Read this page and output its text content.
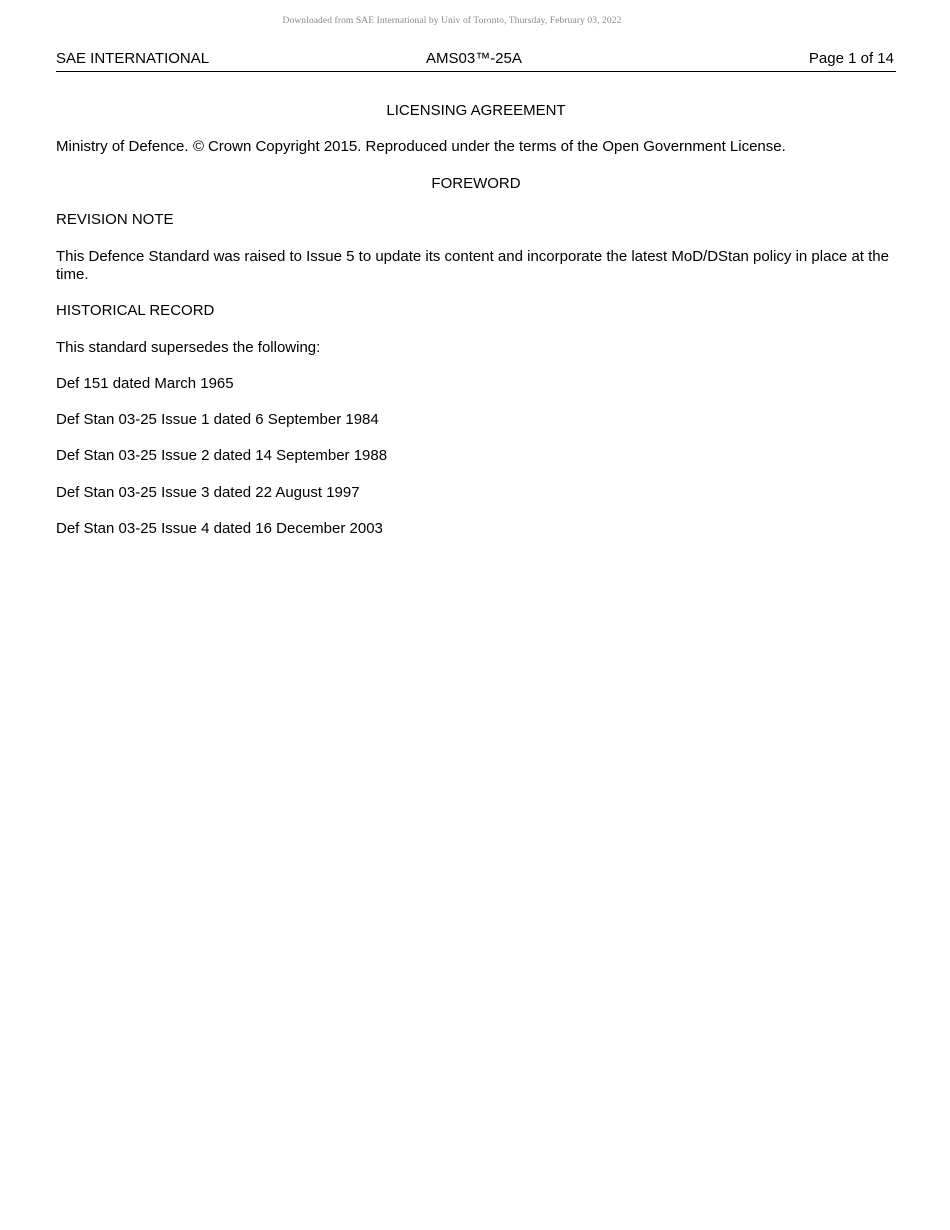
Downloaded from SAE International by Univ of Toronto, Thursday, February 03, 2022
SAE INTERNATIONAL	AMS03™-25A	Page 1 of 14

LICENSING AGREEMENT

Ministry of Defence. © Crown Copyright 2015. Reproduced under the terms of the Open Government License.

FOREWORD

REVISION NOTE

This Defence Standard was raised to Issue 5 to update its content and incorporate the latest MoD/DStan policy in place at the time.

HISTORICAL RECORD

This standard supersedes the following:

Def 151 dated March 1965

Def Stan 03-25 Issue 1 dated 6 September 1984

Def Stan 03-25 Issue 2 dated 14 September 1988

Def Stan 03-25 Issue 3 dated 22 August 1997

Def Stan 03-25 Issue 4 dated 16 December 2003
